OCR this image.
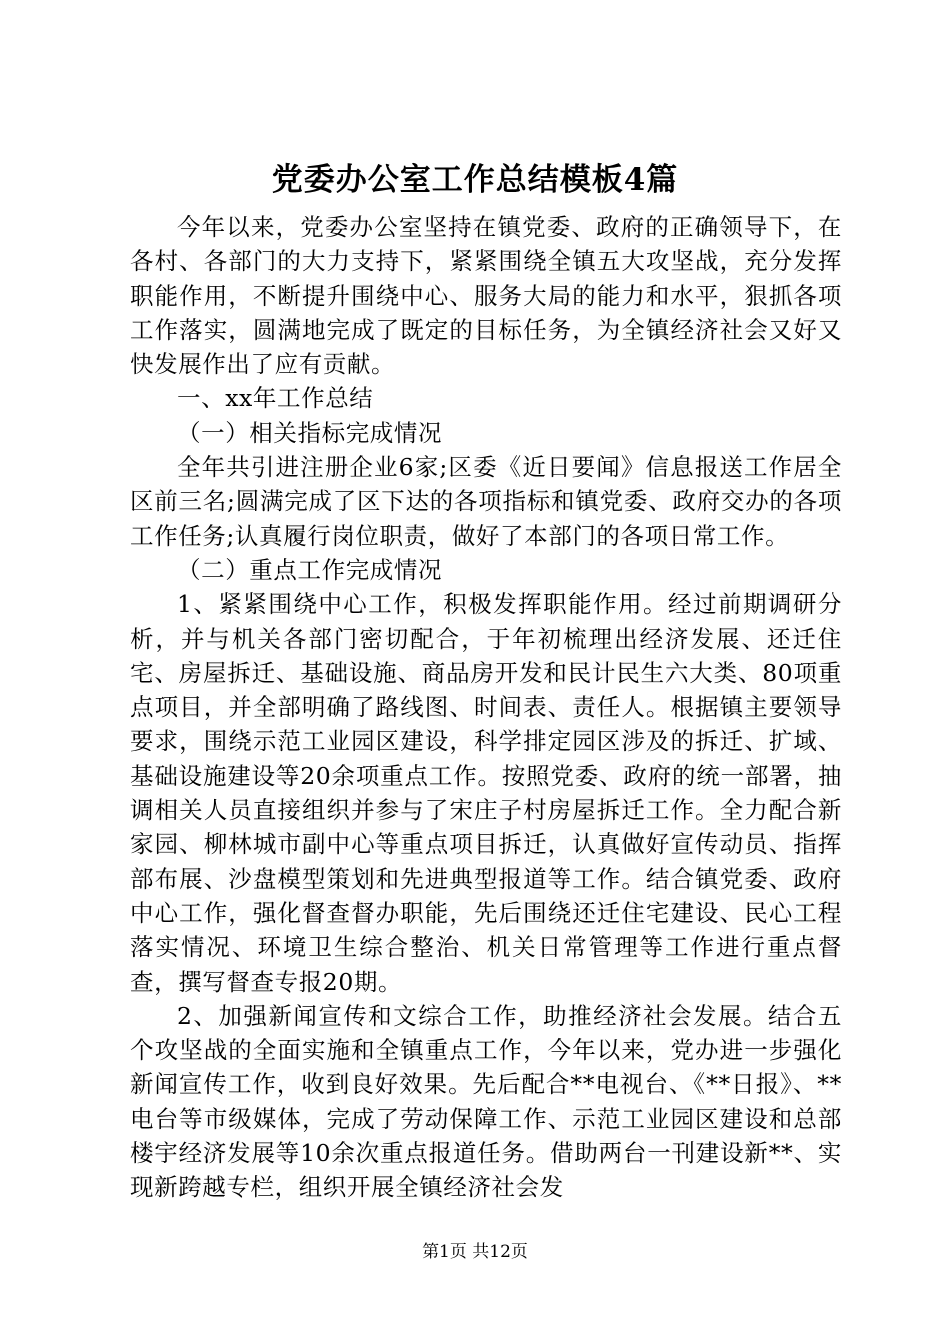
党委办公室工作总结模板4篇

今年以来，党委办公室坚持在镇党委、政府的正确领导下，在各村、各部门的大力支持下，紧紧围绕全镇五大攻坚战，充分发挥职能作用，不断提升围绕中心、服务大局的能力和水平，狠抓各项工作落实，圆满地完成了既定的目标任务，为全镇经济社会又好又快发展作出了应有贡献。

一、xx年工作总结

（一）相关指标完成情况

全年共引进注册企业6家;区委《近日要闻》信息报送工作居全区前三名;圆满完成了区下达的各项指标和镇党委、政府交办的各项工作任务;认真履行岗位职责，做好了本部门的各项日常工作。

（二）重点工作完成情况

1、紧紧围绕中心工作，积极发挥职能作用。经过前期调研分析，并与机关各部门密切配合，于年初梳理出经济发展、还迁住宅、房屋拆迁、基础设施、商品房开发和民计民生六大类、80项重点项目，并全部明确了路线图、时间表、责任人。根据镇主要领导要求，围绕示范工业园区建设，科学排定园区涉及的拆迁、扩域、基础设施建设等20余项重点工作。按照党委、政府的统一部署，抽调相关人员直接组织并参与了宋庄子村房屋拆迁工作。全力配合新家园、柳林城市副中心等重点项目拆迁，认真做好宣传动员、指挥部布展、沙盘模型策划和先进典型报道等工作。结合镇党委、政府中心工作，强化督查督办职能，先后围绕还迁住宅建设、民心工程落实情况、环境卫生综合整治、机关日常管理等工作进行重点督查，撰写督查专报20期。

2、加强新闻宣传和文综合工作，助推经济社会发展。结合五个攻坚战的全面实施和全镇重点工作，今年以来，党办进一步强化新闻宣传工作，收到良好效果。先后配合**电视台、《**日报》、**电台等市级媒体，完成了劳动保障工作、示范工业园区建设和总部楼宇经济发展等10余次重点报道任务。借助两台一刊建设新**、实现新跨越专栏，组织开展全镇经济社会发

第1页 共12页
